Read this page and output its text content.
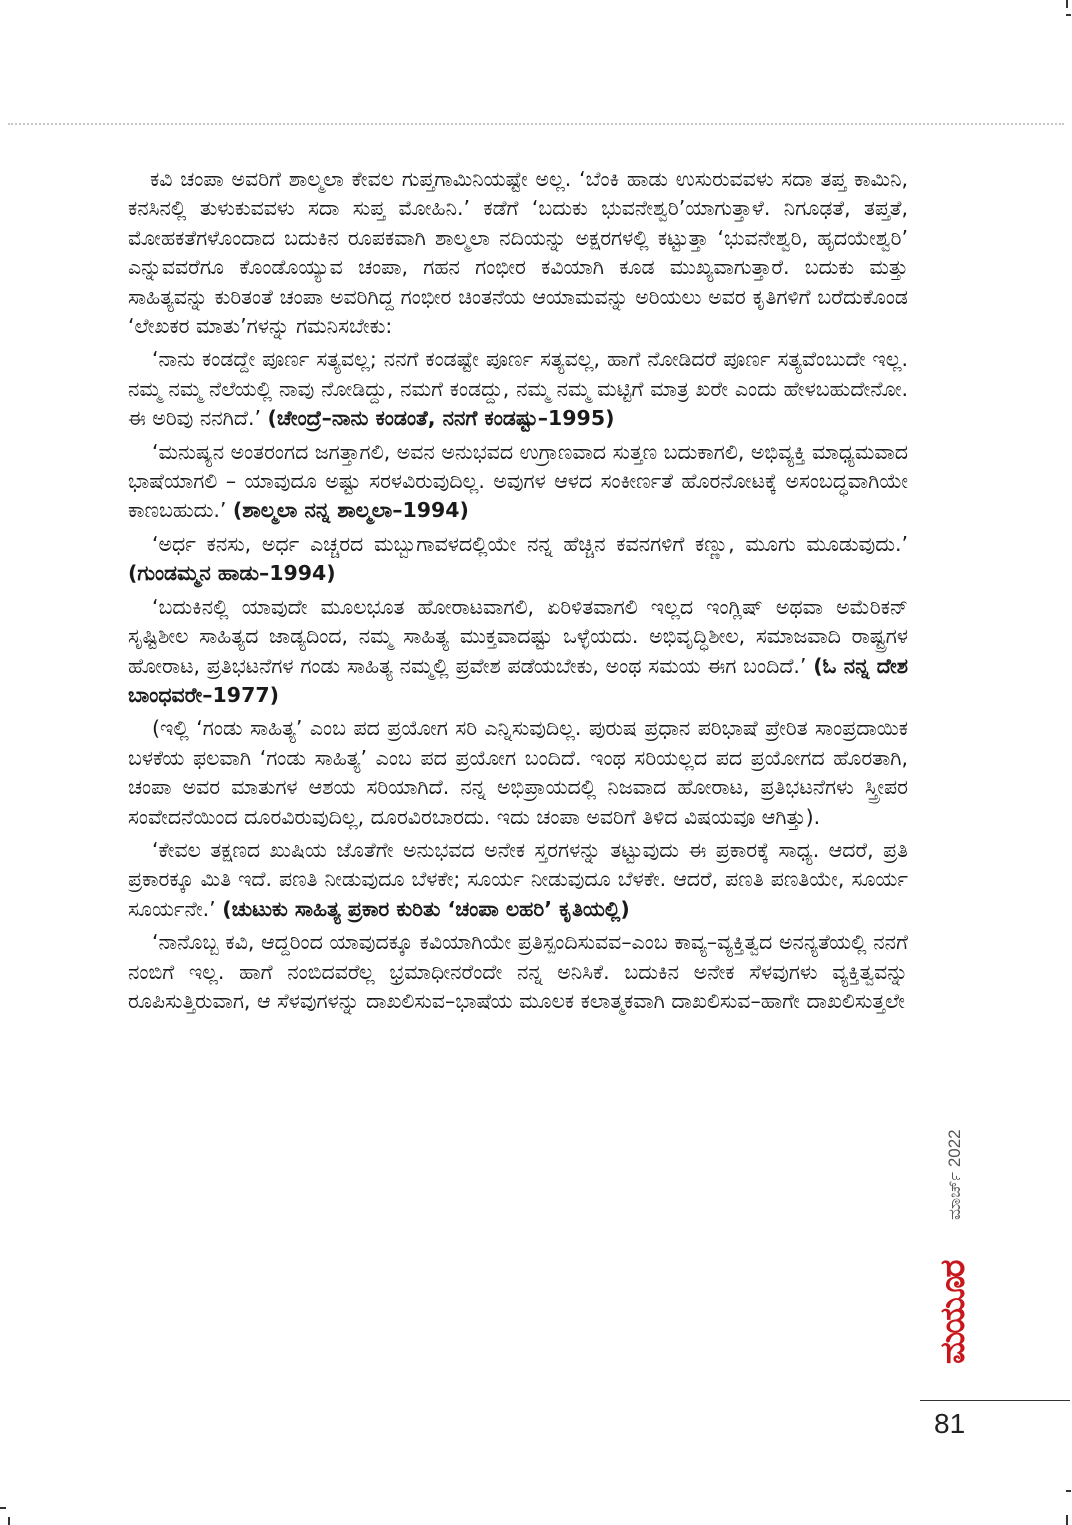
ಕವಿ ಚಂಪಾ ಅವರಿಗೆ ಶಾಲ್ಮಲಾ ಕೇವಲ ಗುಪ್ತಗಾಮಿನಿಯಷ್ಟೇ ಅಲ್ಲ. ‘ಬೆಂಕಿ ಹಾಡು ಉಸುರುವವಳು ಸದಾ ತಪ್ತ ಕಾಮಿನಿ, ಕನಸಿನಲ್ಲಿ ತುಳುಕುವವಳು ಸದಾ ಸುಪ್ತ ಮೋಹಿನಿ.’ ಕಡೆಗೆ ‘ಬದುಕು ಭುವನೇಶ್ವರಿ’ಯಾಗುತ್ತಾಳೆ. ನಿಗೂಢತೆ, ತಪ್ತತೆ, ಮೋಹಕತೆಗಳೊಂದಾದ ಬದುಕಿನ ರೂಪಕವಾಗಿ ಶಾಲ್ಮಲಾ ನದಿಯನ್ನು ಅಕ್ಷರಗಳಲ್ಲಿ ಕಟ್ಟುತ್ತಾ ‘ಭುವನೇಶ್ವರಿ, ಹೃದಯೇಶ್ವರಿ’ ಎನ್ನುವವರೆಗೂ ಕೊಂಡೊಯ್ಯುವ ಚಂಪಾ, ಗಹನ ಗಂಭೀರ ಕವಿಯಾಗಿ ಕೂಡ ಮುಖ್ಯವಾಗುತ್ತಾರೆ. ಬದುಕು ಮತ್ತು ಸಾಹಿತ್ಯವನ್ನು ಕುರಿತಂತೆ ಚಂಪಾ ಅವರಿಗಿದ್ದ ಗಂಭೀರ ಚಿಂತನೆಯ ಆಯಾಮವನ್ನು ಅರಿಯಲು ಅವರ ಕೃತಿಗಳಿಗೆ ಬರೆದುಕೊಂಡ ‘ಲೇಖಕರ ಮಾತು’ಗಳನ್ನು ಗಮನಿಸಬೇಕು:

‘ನಾನು ಕಂಡದ್ದೇ ಪೂರ್ಣ ಸತ್ಯವಲ್ಲ; ನನಗೆ ಕಂಡಷ್ಟೇ ಪೂರ್ಣ ಸತ್ಯವಲ್ಲ, ಹಾಗೆ ನೋಡಿದರೆ ಪೂರ್ಣ ಸತ್ಯವೆಂಬುದೇ ಇಲ್ಲ. ನಮ್ಮ ನಮ್ಮ ನೆಲೆಯಲ್ಲಿ ನಾವು ನೋಡಿದ್ದು, ನಮಗೆ ಕಂಡದ್ದು, ನಮ್ಮ ನಮ್ಮ ಮಟ್ಟಿಗೆ ಮಾತ್ರ ಖರೇ ಎಂದು ಹೇಳಬಹುದೇನೋ. ಈ ಅರಿವು ನನಗಿದೆ.’ (ಚೇಂದ್ರೆ–ನಾನು ಕಂಡಂತೆ, ನನಗೆ ಕಂಡಷ್ಟು–1995)

‘ಮನುಷ್ಯನ ಅಂತರಂಗದ ಜಗತ್ತಾಗಲಿ, ಅವನ ಅನುಭವದ ಉಗ್ರಾಣವಾದ ಸುತ್ತಣ ಬದುಕಾಗಲಿ, ಅಭಿವ್ಯಕ್ತಿ ಮಾಧ್ಯಮವಾದ ಭಾಷೆಯಾಗಲಿ – ಯಾವುದೂ ಅಷ್ಟು ಸರಳವಿರುವುದಿಲ್ಲ. ಅವುಗಳ ಆಳದ ಸಂಕೀರ್ಣತೆ ಹೊರನೋಟಕ್ಕೆ ಅಸಂಬದ್ಧವಾಗಿಯೇ ಕಾಣಬಹುದು.’ (ಶಾಲ್ಮಲಾ ನನ್ನ ಶಾಲ್ಮಲಾ–1994)

‘ಅರ್ಧ ಕನಸು, ಅರ್ಧ ಎಚ್ಚರದ ಮಬ್ಬುಗಾವಳದಲ್ಲಿಯೇ ನನ್ನ ಹೆಚ್ಚಿನ ಕವನಗಳಿಗೆ ಕಣ್ಣು, ಮೂಗು ಮೂಡುವುದು.’ (ಗುಂಡಮ್ಮನ ಹಾಡು–1994)

‘ಬದುಕಿನಲ್ಲಿ ಯಾವುದೇ ಮೂಲಭೂತ ಹೋರಾಟವಾಗಲಿ, ಏರಿಳಿತವಾಗಲಿ ಇಲ್ಲದ ಇಂಗ್ಲಿಷ್ ಅಥವಾ ಅಮೆರಿಕನ್ ಸೃಷ್ಟಿಶೀಲ ಸಾಹಿತ್ಯದ ಜಾಡ್ಯದಿಂದ, ನಮ್ಮ ಸಾಹಿತ್ಯ ಮುಕ್ತವಾದಷ್ಟು ಒಳ್ಳೆಯದು. ಅಭಿವೃದ್ಧಿಶೀಲ, ಸಮಾಜವಾದಿ ರಾಷ್ಟ್ರಗಳ ಹೋರಾಟ, ಪ್ರತಿಭಟನೆಗಳ ಗಂಡು ಸಾಹಿತ್ಯ ನಮ್ಮಲ್ಲಿ ಪ್ರವೇಶ ಪಡೆಯಬೇಕು, ಅಂಥ ಸಮಯ ಈಗ ಬಂದಿದೆ.’ (ಓ ನನ್ನ ದೇಶ ಬಾಂಧವರೇ–1977)

(ಇಲ್ಲಿ ‘ಗಂಡು ಸಾಹಿತ್ಯ’ ಎಂಬ ಪದ ಪ್ರಯೋಗ ಸರಿ ಎನ್ನಿಸುವುದಿಲ್ಲ. ಪುರುಷ ಪ್ರಧಾನ ಪರಿಭಾಷೆ ಪ್ರೇರಿತ ಸಾಂಪ್ರದಾಯಿಕ ಬಳಕೆಯ ಫಲವಾಗಿ ‘ಗಂಡು ಸಾಹಿತ್ಯ’ ಎಂಬ ಪದ ಪ್ರಯೋಗ ಬಂದಿದೆ. ಇಂಥ ಸರಿಯಲ್ಲದ ಪದ ಪ್ರಯೋಗದ ಹೊರತಾಗಿ, ಚಂಪಾ ಅವರ ಮಾತುಗಳ ಆಶಯ ಸರಿಯಾಗಿದೆ. ನನ್ನ ಅಭಿಪ್ರಾಯದಲ್ಲಿ ನಿಜವಾದ ಹೋರಾಟ, ಪ್ರತಿಭಟನೆಗಳು ಸ್ತ್ರೀಪರ ಸಂವೇದನೆಯಿಂದ ದೂರವಿರುವುದಿಲ್ಲ, ದೂರವಿರಬಾರದು. ಇದು ಚಂಪಾ ಅವರಿಗೆ ತಿಳಿದ ವಿಷಯವೂ ಆಗಿತ್ತು).

‘ಕೇವಲ ತಕ್ಷಣದ ಖುಷಿಯ ಜೊತೆಗೇ ಅನುಭವದ ಅನೇಕ ಸ್ತರಗಳನ್ನು ತಟ್ಟುವುದು ಈ ಪ್ರಕಾರಕ್ಕೆ ಸಾಧ್ಯ. ಆದರೆ, ಪ್ರತಿ ಪ್ರಕಾರಕ್ಕೂ ಮಿತಿ ಇದೆ. ಪಣತಿ ನೀಡುವುದೂ ಬೆಳಕೇ; ಸೂರ್ಯ ನೀಡುವುದೂ ಬೆಳಕೇ. ಆದರೆ, ಪಣತಿ ಪಣತಿಯೇ, ಸೂರ್ಯ ಸೂರ್ಯನೇ.’ (ಚುಟುಕು ಸಾಹಿತ್ಯ ಪ್ರಕಾರ ಕುರಿತು ‘ಚಂಪಾ ಲಹರಿ’ ಕೃತಿಯಲ್ಲಿ)

‘ನಾನೊಬ್ಬ ಕವಿ, ಆದ್ದರಿಂದ ಯಾವುದಕ್ಕೂ ಕವಿಯಾಗಿಯೇ ಪ್ರತಿಸ್ಪಂದಿಸುವವ–ಎಂಬ ಕಾವ್ಯ–ವ್ಯಕ್ತಿತ್ವದ ಅನನ್ಯತೆಯಲ್ಲಿ ನನಗೆ ನಂಬಿಗೆ ಇಲ್ಲ. ಹಾಗೆ ನಂಬಿದವರೆಲ್ಲ ಭ್ರಮಾಧೀನರೆಂದೇ ನನ್ನ ಅನಿಸಿಕೆ. ಬದುಕಿನ ಅನೇಕ ಸೆಳವುಗಳು ವ್ಯಕ್ತಿತ್ವವನ್ನು ರೂಪಿಸುತ್ತಿರುವಾಗ, ಆ ಸೆಳವುಗಳನ್ನು ದಾಖಲಿಸುವ–ಭಾಷೆಯ ಮೂಲಕ ಕಲಾತ್ಮಕವಾಗಿ ದಾಖಲಿಸುವ–ಹಾಗೇ ದಾಖಲಿಸುತ್ತಲೇ

ಮಾರ್ಚ್ 2022
ಮಯೂರ
81
